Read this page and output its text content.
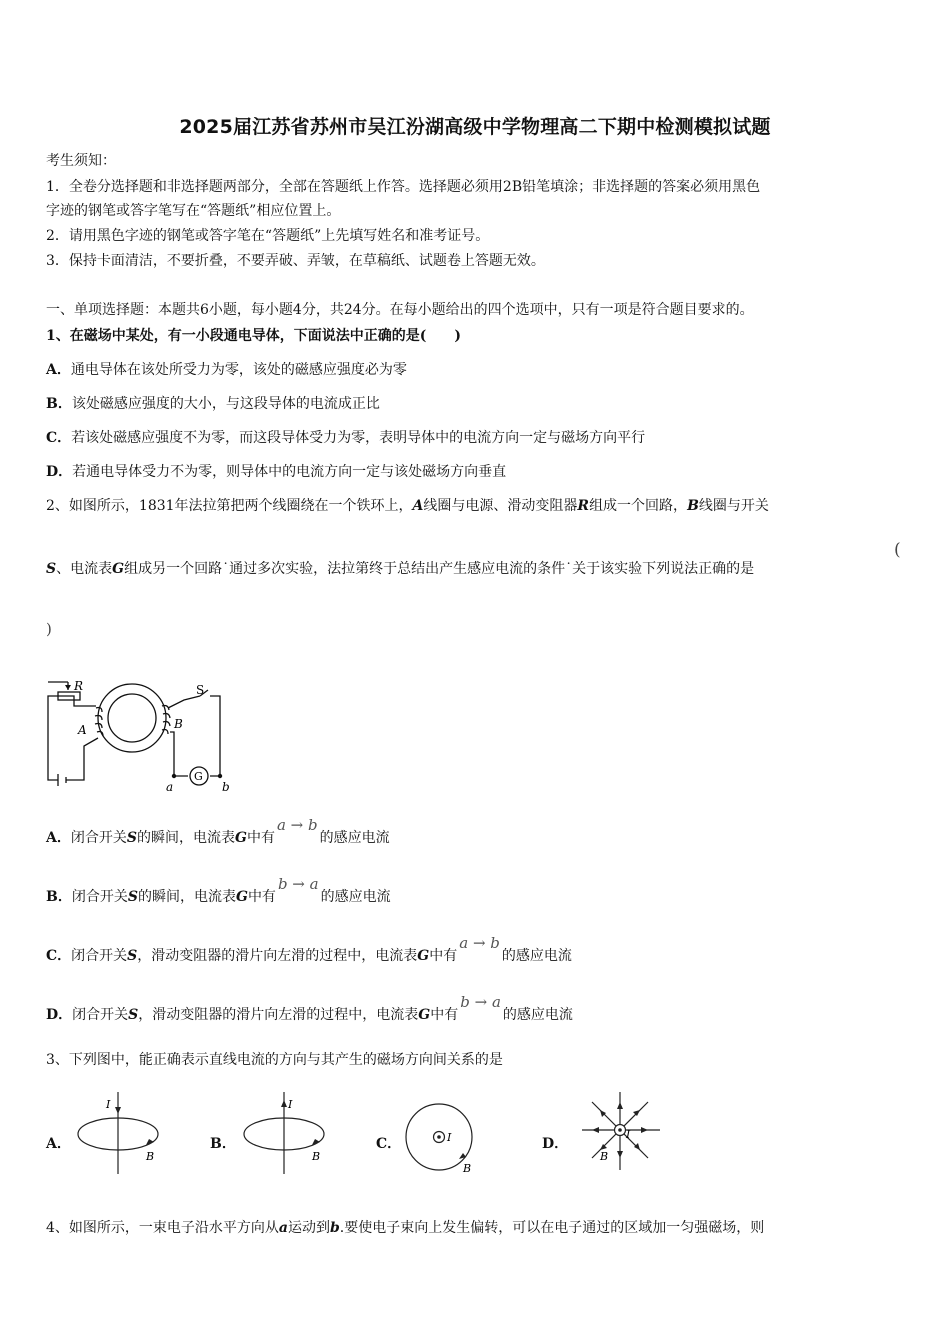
2025届江苏省苏州市吴江汾湖高级中学物理高二下期中检测模拟试题
考生须知：
1．全卷分选择题和非选择题两部分，全部在答题纸上作答。选择题必须用2B铅笔填涂；非选择题的答案必须用黑色
字迹的钢笔或答字笔写在“答题纸”相应位置上。
2．请用黑色字迹的钢笔或答字笔在“答题纸”上先填写姓名和准考证号。
3．保持卡面清洁，不要折叠，不要弄破、弄皱，在草稿纸、试题卷上答题无效。
一、单项选择题：本题共6小题，每小题4分，共24分。在每小题给出的四个选项中，只有一项是符合题目要求的。
1、在磁场中某处，有一小段通电导体，下面说法中正确的是(　　)
A．通电导体在该处所受力为零，该处的磁感应强度必为零
B．该处磁感应强度的大小，与这段导体的电流成正比
C．若该处磁感应强度不为零，而这段导体受力为零，表明导体中的电流方向一定与磁场方向平行
D．若通电导体受力不为零，则导体中的电流方向一定与该处磁场方向垂直
2、如图所示，1831年法拉第把两个线圈绕在一个铁环上，A线圈与电源、滑动变阻器R组成一个回路，B线圈与开关
S、电流表G组成另一个回路˙通过多次实验，法拉第终于总结出产生感应电流的条件˙关于该实验下列说法正确的是
(
)
R	S
A	B
G
a	b
A．闭合开关S的瞬间，电流表G中有a → b的感应电流
B．闭合开关S的瞬间，电流表G中有b → a的感应电流
C．闭合开关S，滑动变阻器的滑片向左滑的过程中，电流表G中有a → b的感应电流
D．闭合开关S，滑动变阻器的滑片向左滑的过程中，电流表G中有b → a的感应电流
3、下列图中，能正确表示直线电流的方向与其产生的磁场方向间关系的是
A．
I
B
B．
I
B
C．	I
B
D．
I
B
4、如图所示，一束电子沿水平方向从a运动到b.要使电子束向上发生偏转，可以在电子通过的区域加一匀强磁场，则
